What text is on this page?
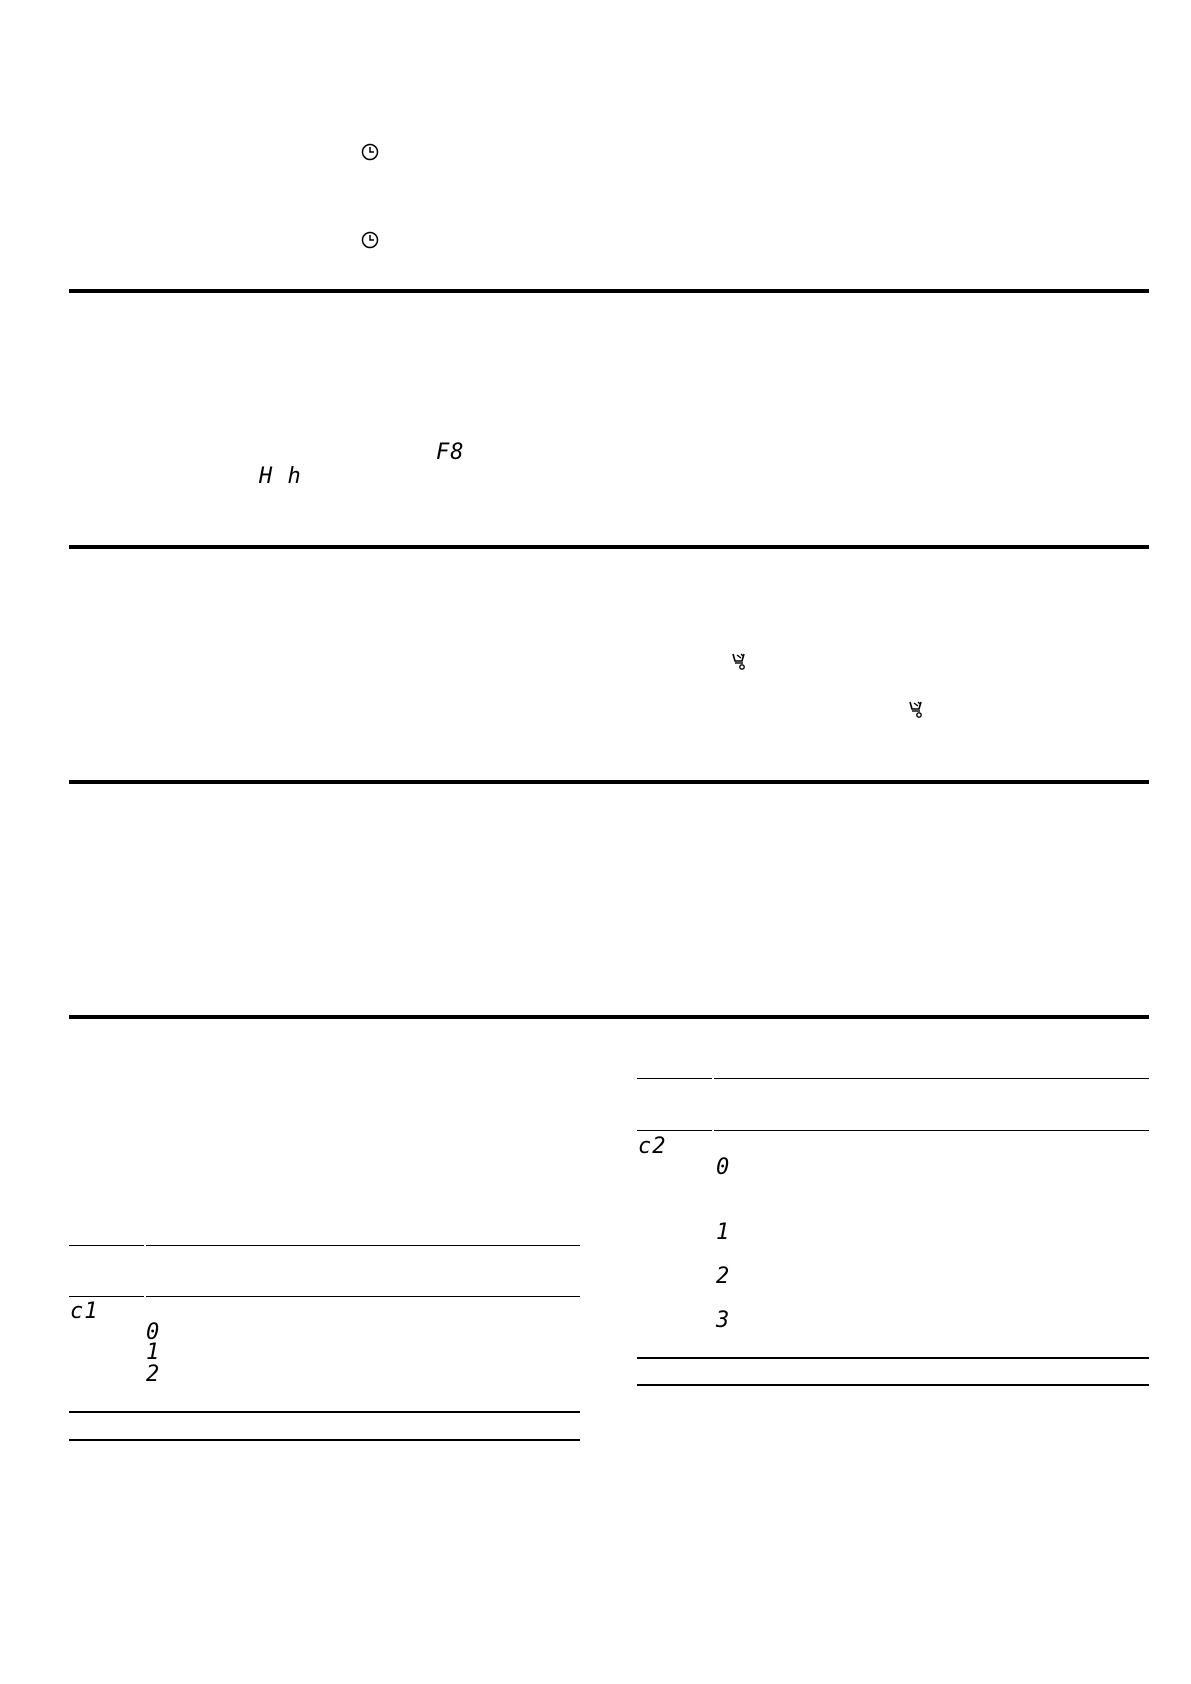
F8
H h
c1
0
1
2
c2
0
1
2
3
